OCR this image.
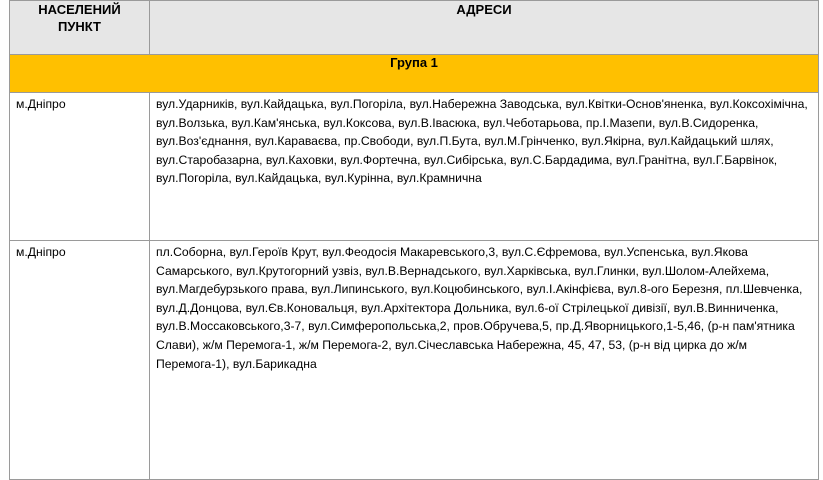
НАСЕЛЕНИЙ ПУНКТ	АДРЕСИ
Група 1	
м.Дніпро	вул.Ударників, вул.Кайдацька, вул.Погоріла, вул.Набережна Заводська, вул.Квітки-Основ'яненка, вул.Коксохімічна, вул.Волзька, вул.Кам'янська, вул.Коксова, вул.В.Івасюка, вул.Чеботарьова, пр.І.Мазепи, вул.В.Сидоренка, вул.Воз'єднання, вул.Караваєва, пр.Свободи, вул.П.Бута, вул.М.Грінченко, вул.Якірна, вул.Кайдацький шлях, вул.Старобазарна, вул.Каховки, вул.Фортечна, вул.Сибірська, вул.С.Бардадима, вул.Гранітна, вул.Г.Барвінок, вул.Погоріла, вул.Кайдацька, вул.Курінна, вул.Крамнична
м.Дніпро	пл.Соборна, вул.Героїв Крут, вул.Феодосія Макаревського,3, вул.С.Єфремова, вул.Успенська, вул.Якова Самарського, вул.Крутогорний узвіз, вул.В.Вернадського, вул.Харківська, вул.Глинки, вул.Шолом-Алейхема, вул.Магдебурзького права, вул.Липинського, вул.Коцюбинського, вул.І.Акінфієва, вул.8-ого Березня, пл.Шевченка, вул.Д.Донцова, вул.Єв.Коновальця, вул.Архітектора Дольника, вул.6-ої Стрілецької дивізії, вул.В.Винниченка, вул.В.Моссаковського,3-7, вул.Симферопольська,2, пров.Обручева,5, пр.Д.Яворницького,1-5,46, (р-н пам'ятника Слави), ж/м Перемога-1, ж/м Перемога-2, вул.Січеславська Набережна, 45, 47, 53, (р-н від цирка до ж/м Перемога-1), вул.Барикадна
